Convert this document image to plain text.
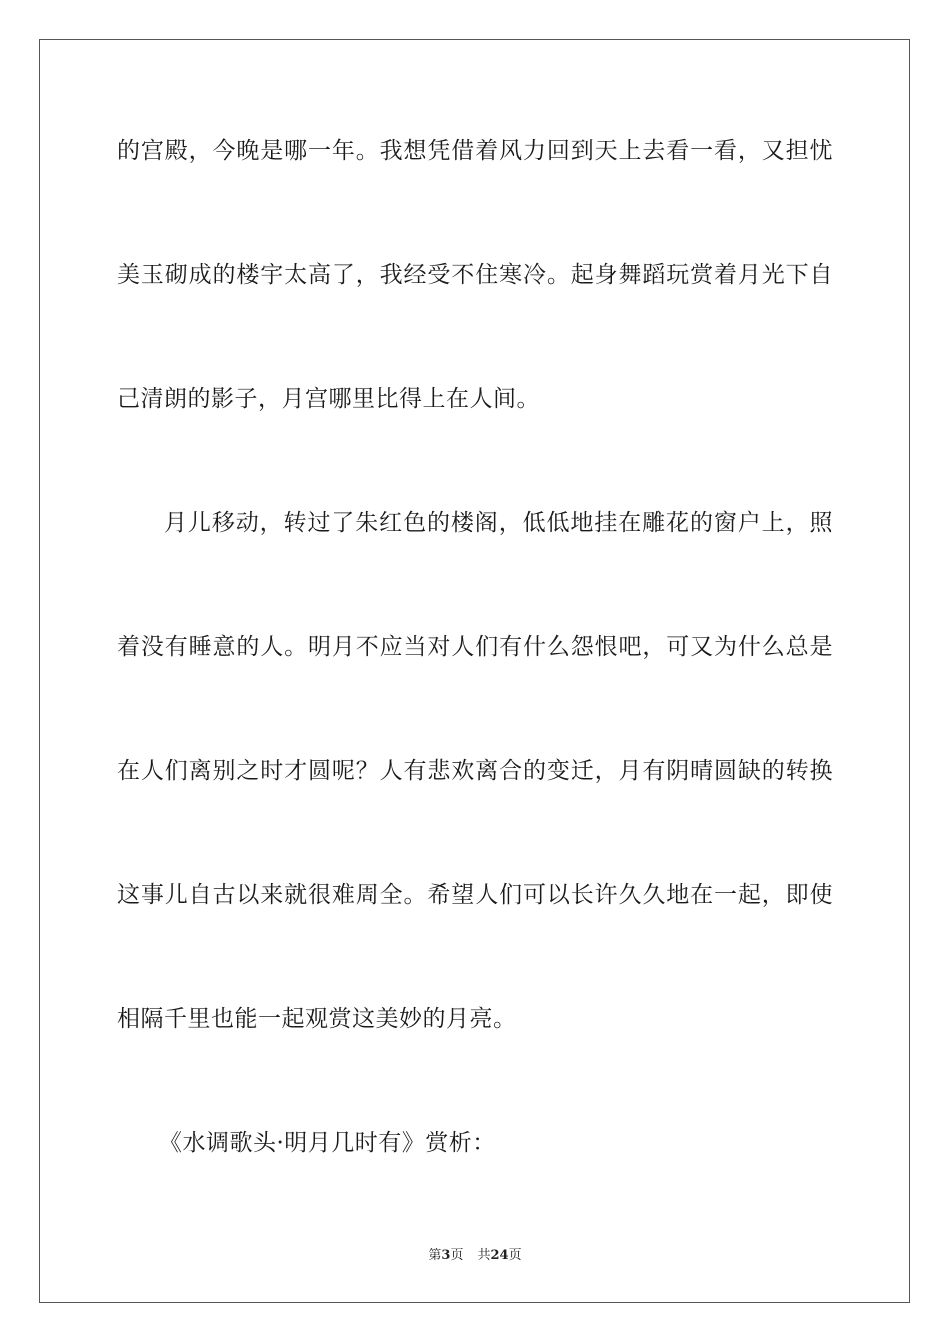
的宫殿，今晚是哪一年。我想凭借着风力回到天上去看一看，又担忧
美玉砌成的楼宇太高了，我经受不住寒冷。起身舞蹈玩赏着月光下自
己清朗的影子，月宫哪里比得上在人间。
月儿移动，转过了朱红色的楼阁，低低地挂在雕花的窗户上，照
着没有睡意的人。明月不应当对人们有什么怨恨吧，可又为什么总是
在人们离别之时才圆呢？人有悲欢离合的变迁，月有阴晴圆缺的转换
这事儿自古以来就很难周全。希望人们可以长许久久地在一起，即使
相隔千里也能一起观赏这美妙的月亮。
《水调歌头·明月几时有》赏析：
第3页 共24页
